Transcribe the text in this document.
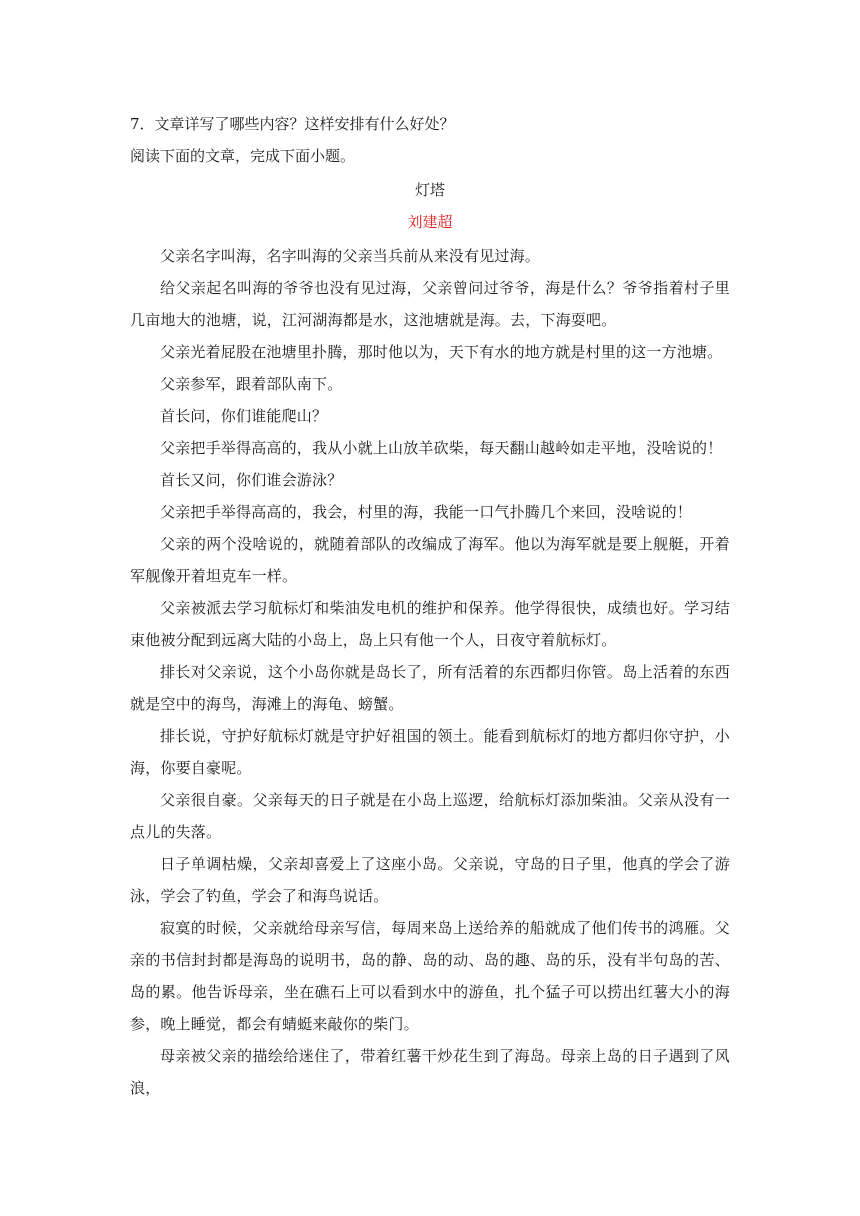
7．文章详写了哪些内容？这样安排有什么好处？

阅读下面的文章，完成下面小题。

灯塔

刘建超

父亲名字叫海，名字叫海的父亲当兵前从来没有见过海。

给父亲起名叫海的爷爷也没有见过海，父亲曾问过爷爷，海是什么？爷爷指着村子里几亩地大的池塘，说，江河湖海都是水，这池塘就是海。去，下海耍吧。

父亲光着屁股在池塘里扑腾，那时他以为，天下有水的地方就是村里的这一方池塘。

父亲参军，跟着部队南下。

首长问，你们谁能爬山？

父亲把手举得高高的，我从小就上山放羊砍柴，每天翻山越岭如走平地，没啥说的！

首长又问，你们谁会游泳？

父亲把手举得高高的，我会，村里的海，我能一口气扑腾几个来回，没啥说的！

父亲的两个没啥说的，就随着部队的改编成了海军。他以为海军就是要上舰艇，开着军舰像开着坦克车一样。

父亲被派去学习航标灯和柴油发电机的维护和保养。他学得很快，成绩也好。学习结束他被分配到远离大陆的小岛上，岛上只有他一个人，日夜守着航标灯。

排长对父亲说，这个小岛你就是岛长了，所有活着的东西都归你管。岛上活着的东西就是空中的海鸟，海滩上的海龟、螃蟹。

排长说，守护好航标灯就是守护好祖国的领土。能看到航标灯的地方都归你守护，小海，你要自豪呢。

父亲很自豪。父亲每天的日子就是在小岛上巡逻，给航标灯添加柴油。父亲从没有一点儿的失落。

日子单调枯燥，父亲却喜爱上了这座小岛。父亲说，守岛的日子里，他真的学会了游泳，学会了钓鱼，学会了和海鸟说话。

寂寞的时候，父亲就给母亲写信，每周来岛上送给养的船就成了他们传书的鸿雁。父亲的书信封封都是海岛的说明书，岛的静、岛的动、岛的趣、岛的乐，没有半句岛的苦、岛的累。他告诉母亲，坐在礁石上可以看到水中的游鱼，扎个猛子可以捞出红薯大小的海参，晚上睡觉，都会有蜻蜓来敲你的柴门。

母亲被父亲的描绘给迷住了，带着红薯干炒花生到了海岛。母亲上岛的日子遇到了风浪，
